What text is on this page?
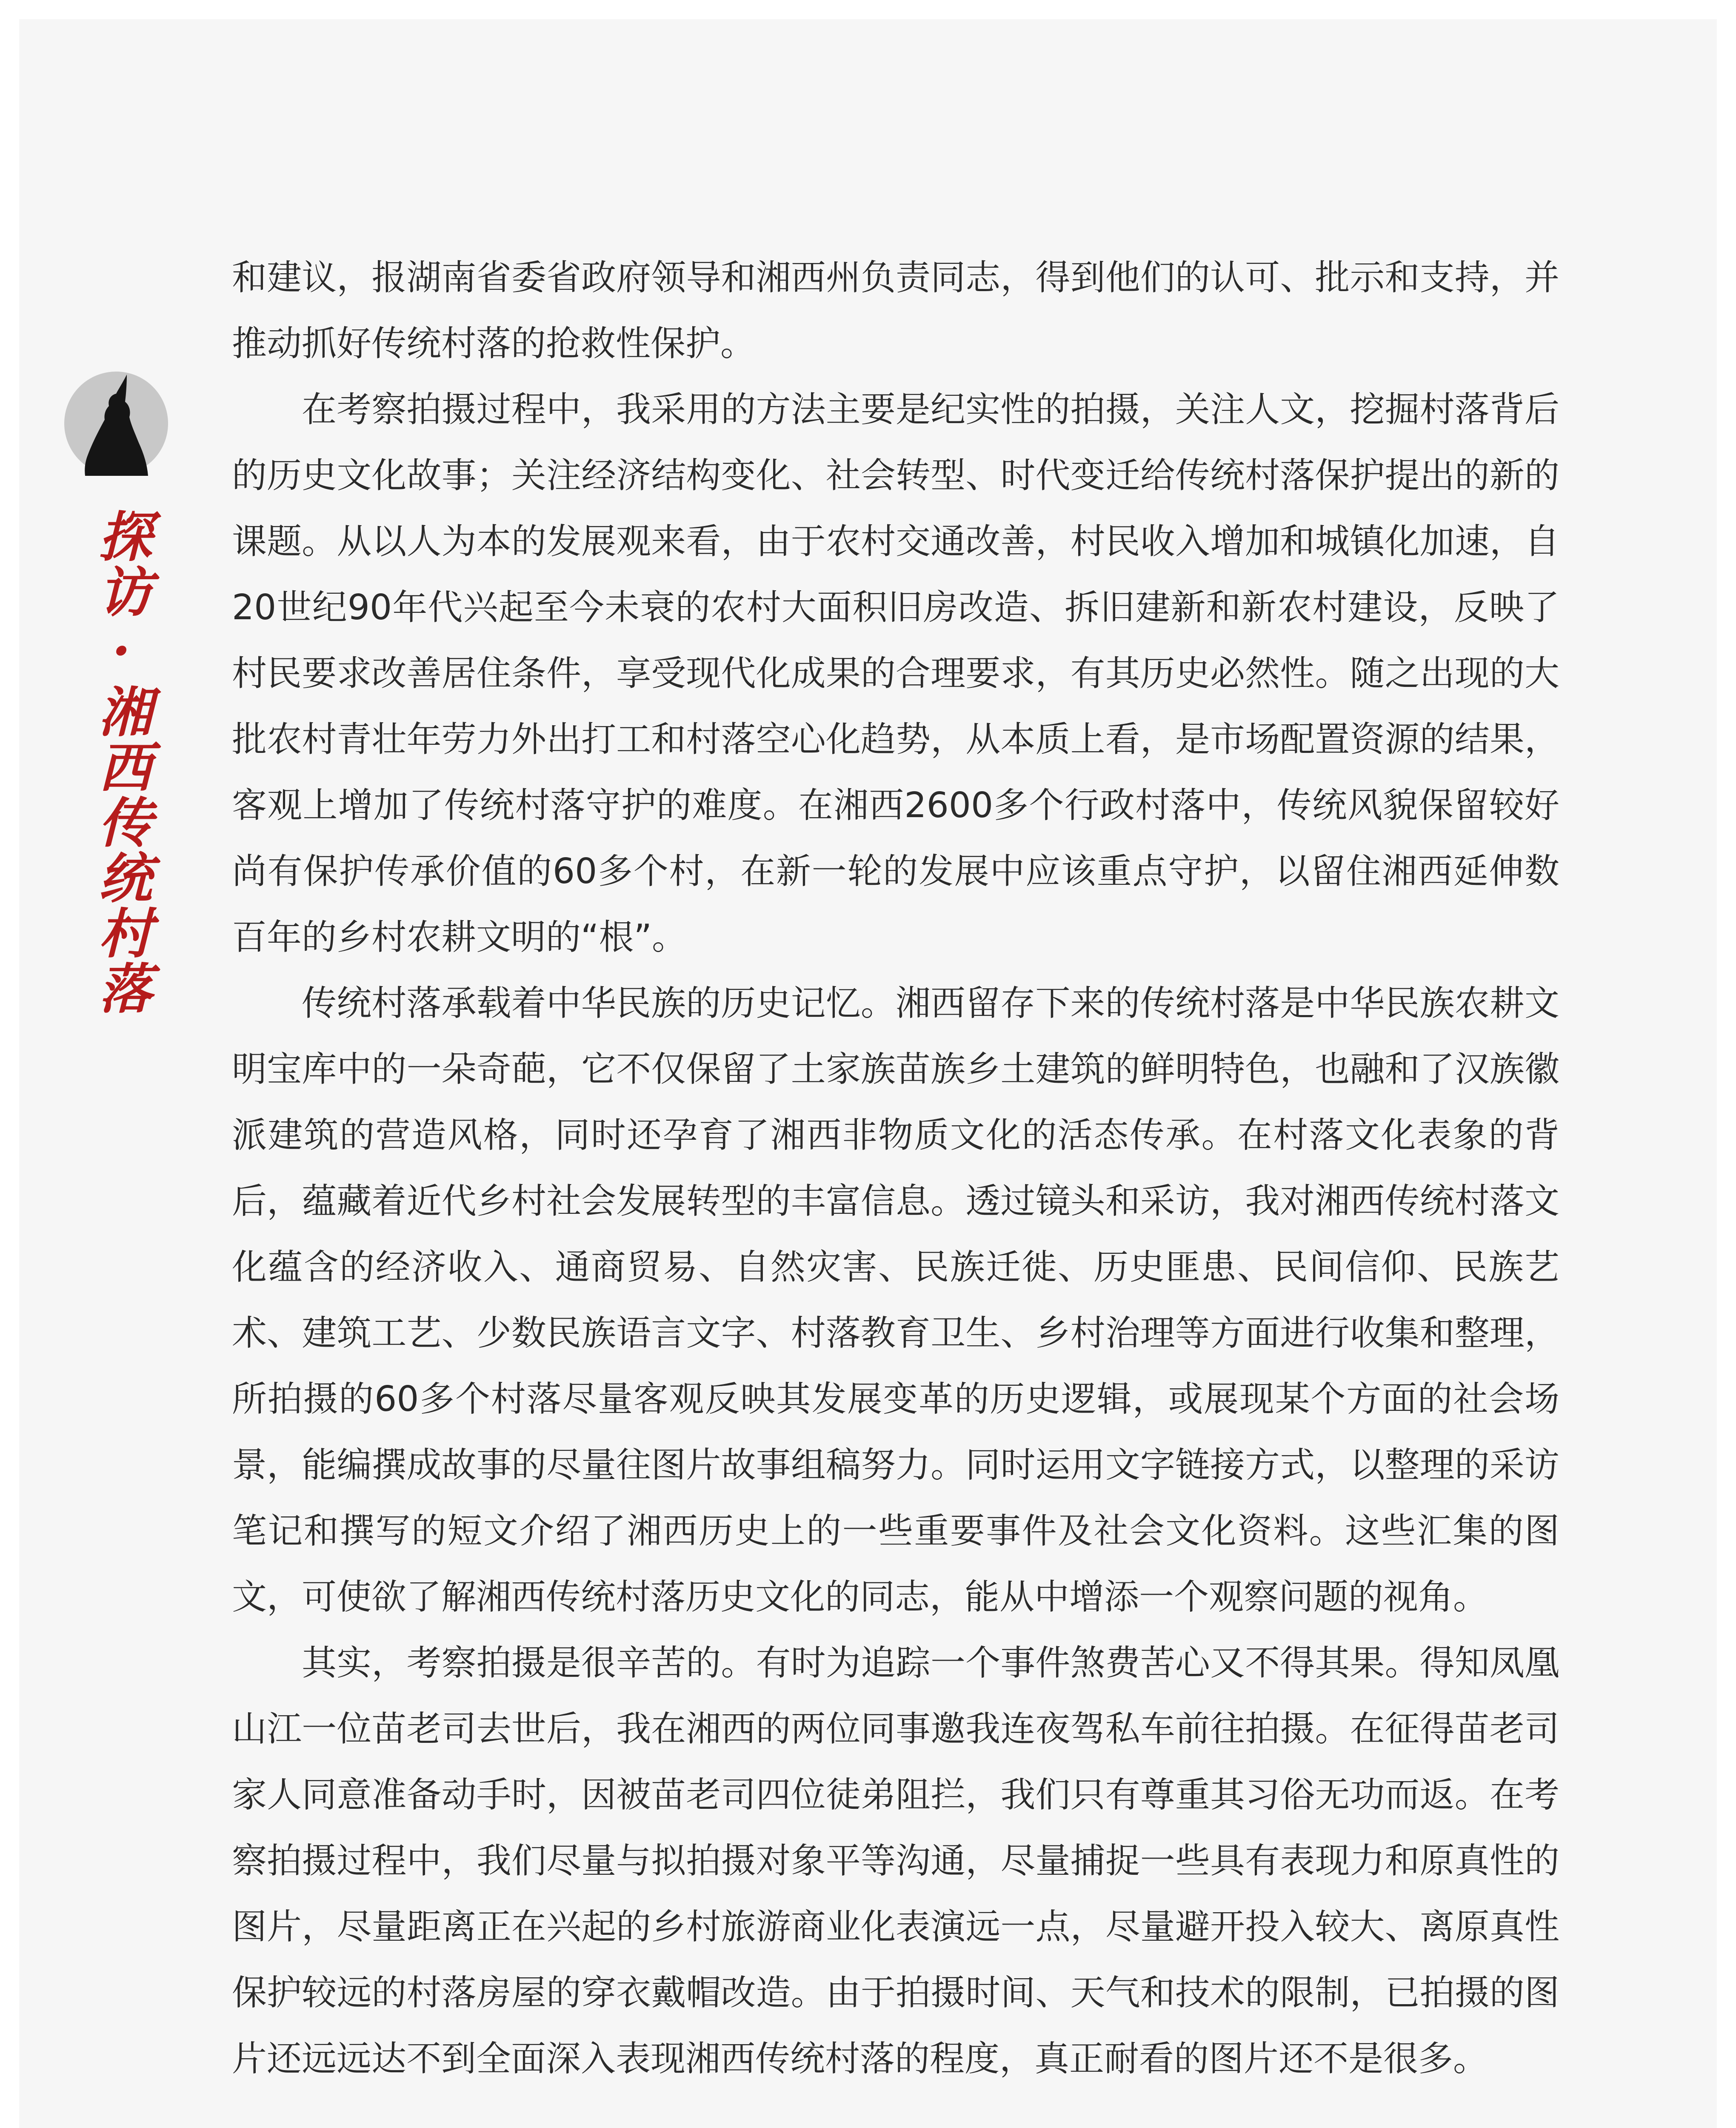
探访·湘西传统村落

和建议，报湖南省委省政府领导和湘西州负责同志，得到他们的认可、批示和支持，并推动抓好传统村落的抢救性保护。

在考察拍摄过程中，我采用的方法主要是纪实性的拍摄，关注人文，挖掘村落背后的历史文化故事；关注经济结构变化、社会转型、时代变迁给传统村落保护提出的新的课题。从以人为本的发展观来看，由于农村交通改善，村民收入增加和城镇化加速，自20世纪90年代兴起至今未衰的农村大面积旧房改造、拆旧建新和新农村建设，反映了村民要求改善居住条件，享受现代化成果的合理要求，有其历史必然性。随之出现的大批农村青壮年劳力外出打工和村落空心化趋势，从本质上看，是市场配置资源的结果，客观上增加了传统村落守护的难度。在湘西2600多个行政村落中，传统风貌保留较好尚有保护传承价值的60多个村，在新一轮的发展中应该重点守护，以留住湘西延伸数百年的乡村农耕文明的“根”。

传统村落承载着中华民族的历史记忆。湘西留存下来的传统村落是中华民族农耕文明宝库中的一朵奇葩，它不仅保留了土家族苗族乡土建筑的鲜明特色，也融和了汉族徽派建筑的营造风格，同时还孕育了湘西非物质文化的活态传承。在村落文化表象的背后，蕴藏着近代乡村社会发展转型的丰富信息。透过镜头和采访，我对湘西传统村落文化蕴含的经济收入、通商贸易、自然灾害、民族迁徙、历史匪患、民间信仰、民族艺术、建筑工艺、少数民族语言文字、村落教育卫生、乡村治理等方面进行收集和整理，所拍摄的60多个村落尽量客观反映其发展变革的历史逻辑，或展现某个方面的社会场景，能编撰成故事的尽量往图片故事组稿努力。同时运用文字链接方式，以整理的采访笔记和撰写的短文介绍了湘西历史上的一些重要事件及社会文化资料。这些汇集的图文，可使欲了解湘西传统村落历史文化的同志，能从中增添一个观察问题的视角。

其实，考察拍摄是很辛苦的。有时为追踪一个事件煞费苦心又不得其果。得知凤凰山江一位苗老司去世后，我在湘西的两位同事邀我连夜驾私车前往拍摄。在征得苗老司家人同意准备动手时，因被苗老司四位徒弟阻拦，我们只有尊重其习俗无功而返。在考察拍摄过程中，我们尽量与拟拍摄对象平等沟通，尽量捕捉一些具有表现力和原真性的图片，尽量距离正在兴起的乡村旅游商业化表演远一点，尽量避开投入较大、离原真性保护较远的村落房屋的穿衣戴帽改造。由于拍摄时间、天气和技术的限制，已拍摄的图片还远远达不到全面深入表现湘西传统村落的程度，真正耐看的图片还不是很多。
